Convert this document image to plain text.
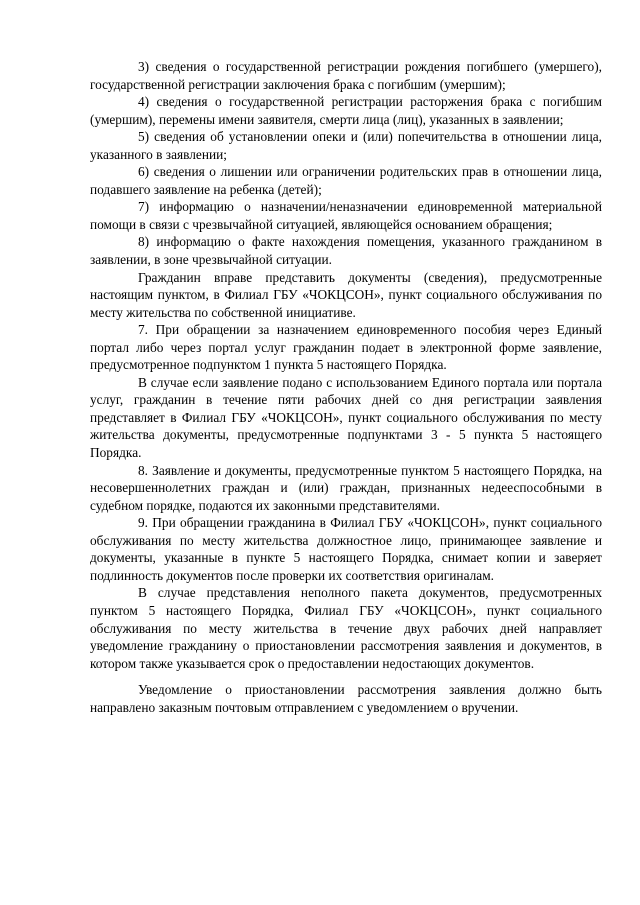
3) сведения о государственной регистрации рождения погибшего (умершего), государственной регистрации заключения брака с погибшим (умершим);

4) сведения о государственной регистрации расторжения брака с погибшим (умершим), перемены имени заявителя, смерти лица (лиц), указанных в заявлении;

5) сведения об установлении опеки и (или) попечительства в отношении лица, указанного в заявлении;

6) сведения о лишении или ограничении родительских прав в отношении лица, подавшего заявление на ребенка (детей);

7) информацию о назначении/неназначении единовременной материальной помощи в связи с чрезвычайной ситуацией, являющейся основанием обращения;

8) информацию о факте нахождения помещения, указанного гражданином в заявлении, в зоне чрезвычайной ситуации.

Гражданин вправе представить документы (сведения), предусмотренные настоящим пунктом, в Филиал ГБУ «ЧОКЦСОН», пункт социального обслуживания по месту жительства по собственной инициативе.

7. При обращении за назначением единовременного пособия через Единый портал либо через портал услуг гражданин подает в электронной форме заявление, предусмотренное подпунктом 1 пункта 5 настоящего Порядка.

В случае если заявление подано с использованием Единого портала или портала услуг, гражданин в течение пяти рабочих дней со дня регистрации заявления представляет в Филиал ГБУ «ЧОКЦСОН», пункт социального обслуживания по месту жительства документы, предусмотренные подпунктами 3 - 5 пункта 5 настоящего Порядка.

8. Заявление и документы, предусмотренные пунктом 5 настоящего Порядка, на несовершеннолетних граждан и (или) граждан, признанных недееспособными в судебном порядке, подаются их законными представителями.

9. При обращении гражданина в Филиал ГБУ «ЧОКЦСОН», пункт социального обслуживания по месту жительства должностное лицо, принимающее заявление и документы, указанные в пункте 5 настоящего Порядка, снимает копии и заверяет подлинность документов после проверки их соответствия оригиналам.

В случае представления неполного пакета документов, предусмотренных пунктом 5 настоящего Порядка, Филиал ГБУ «ЧОКЦСОН», пункт социального обслуживания по месту жительства в течение двух рабочих дней направляет уведомление гражданину о приостановлении рассмотрения заявления и документов, в котором также указывается срок о предоставлении недостающих документов.

Уведомление о приостановлении рассмотрения заявления должно быть направлено заказным почтовым отправлением с уведомлением о вручении.
